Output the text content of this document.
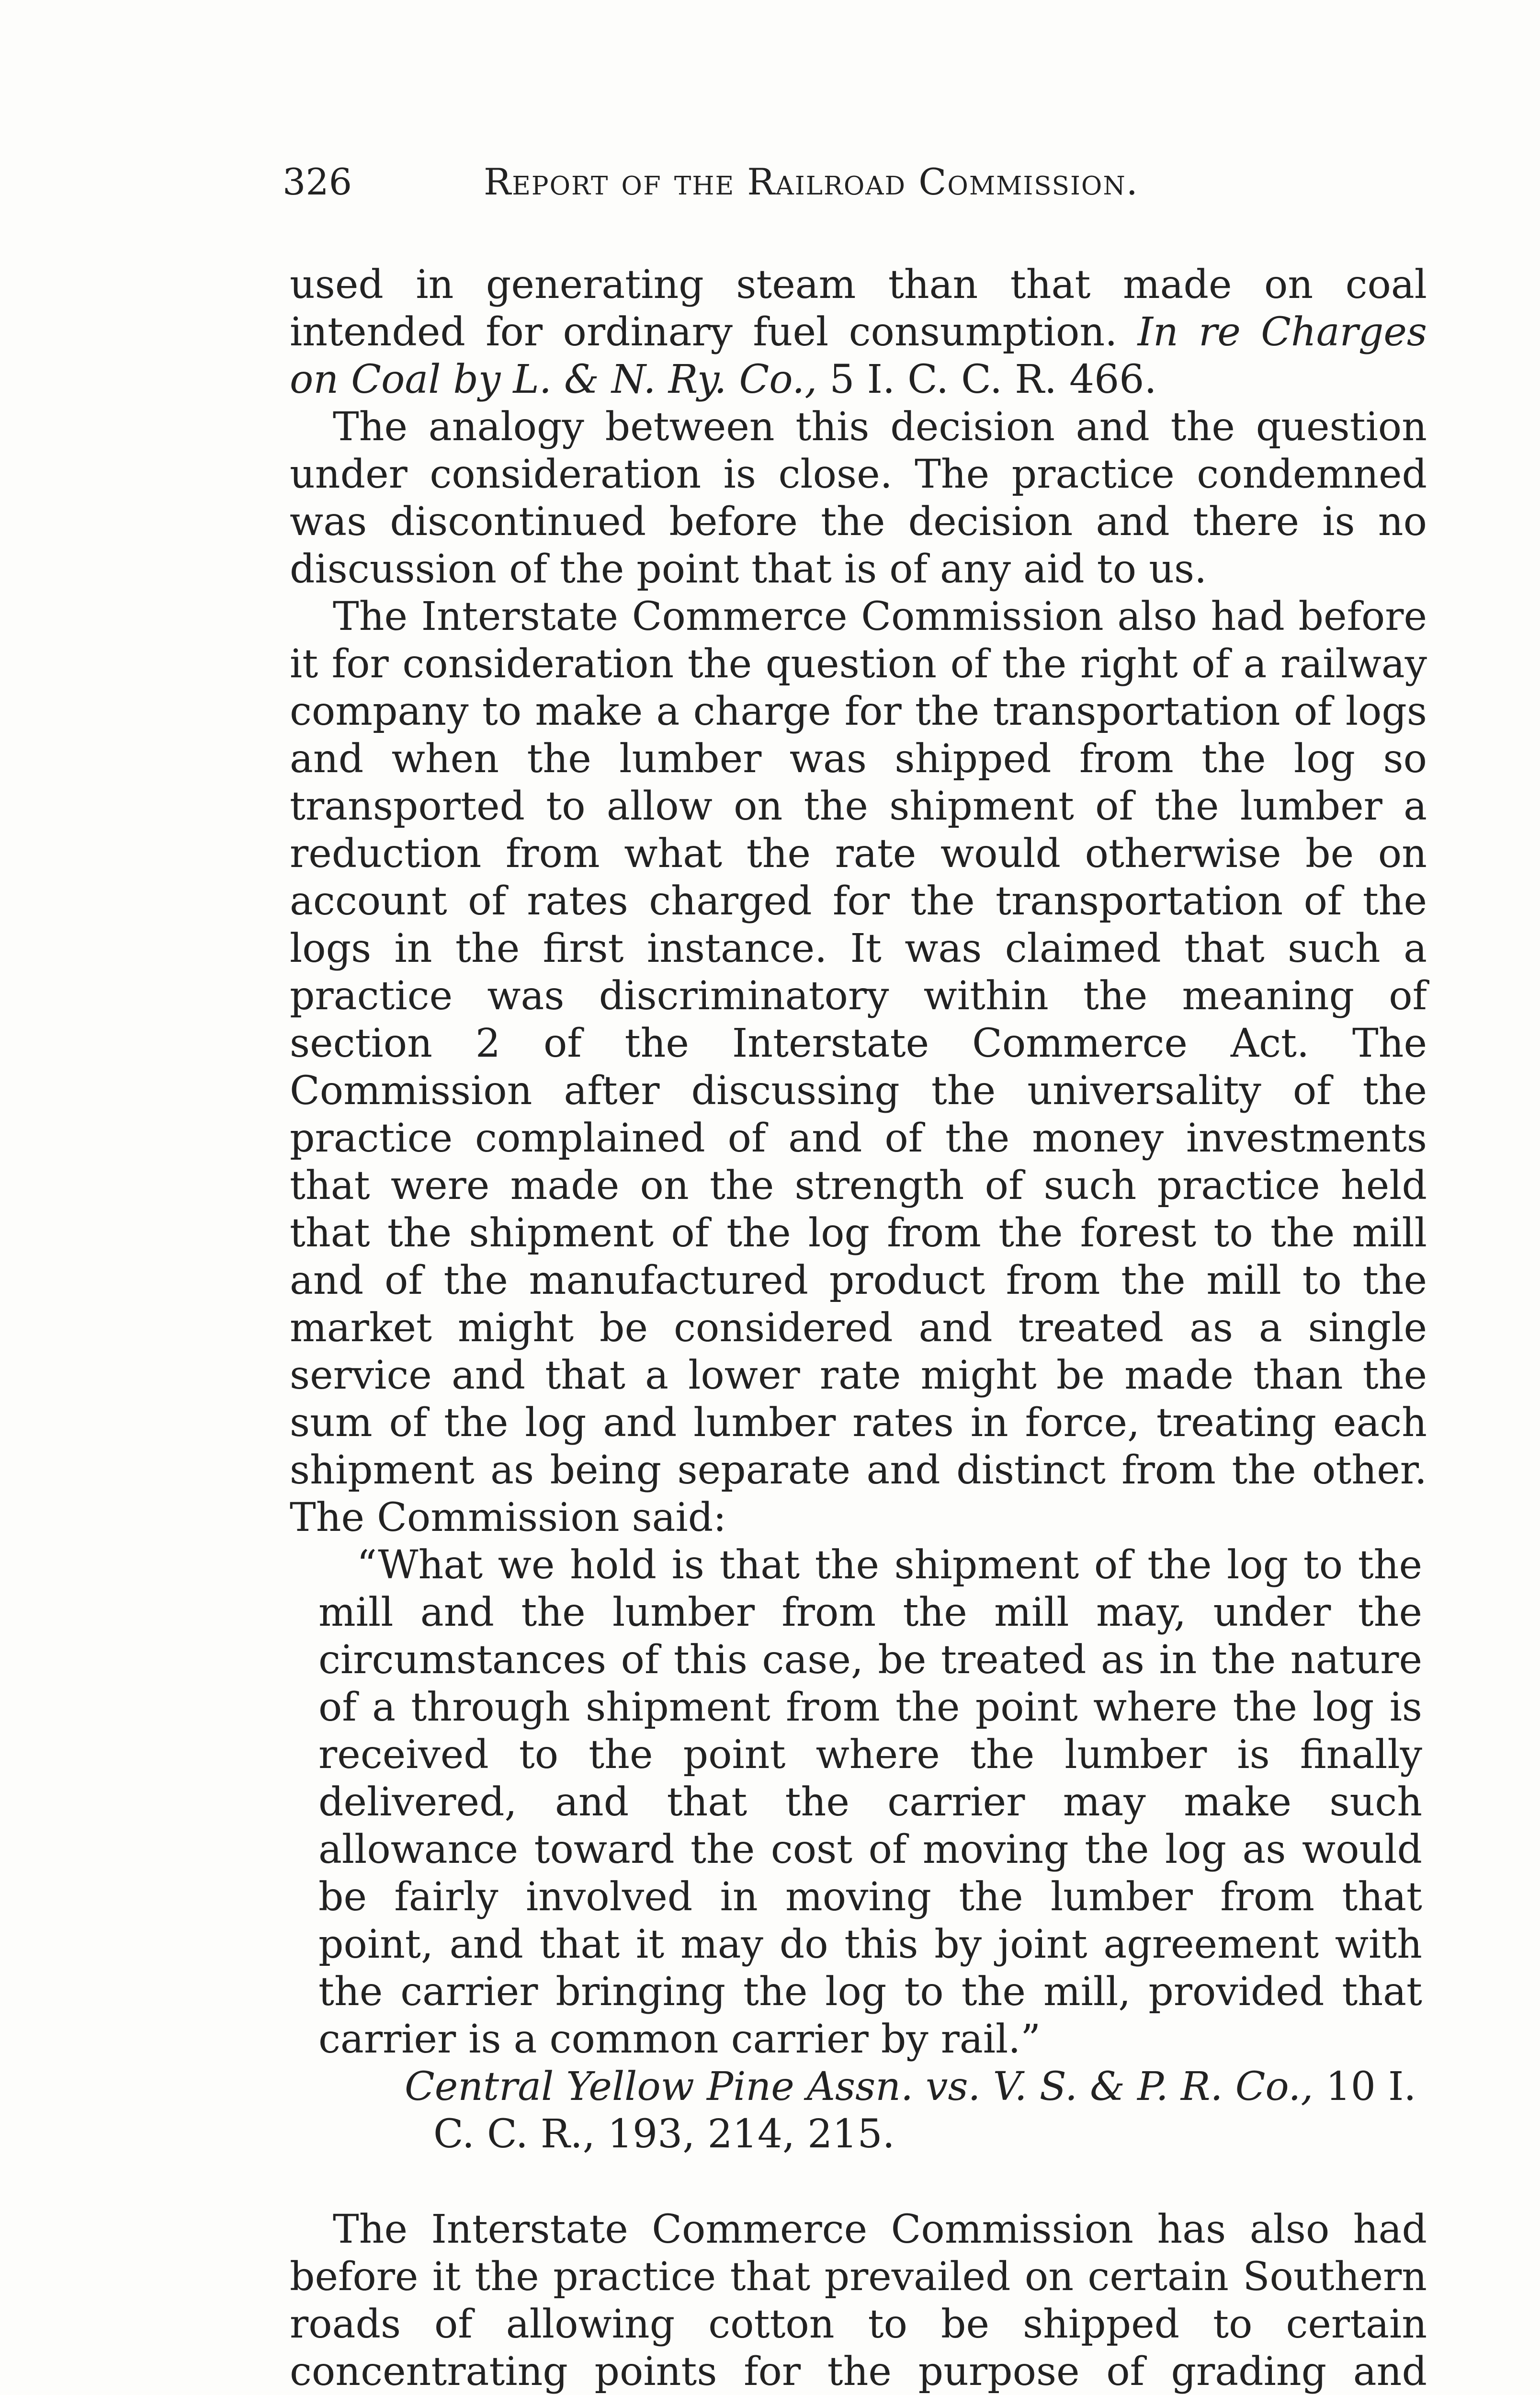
326	Report of the Railroad Commission.

used in generating steam than that made on coal intended for ordinary fuel consumption. In re Charges on Coal by L. & N. Ry. Co., 5 I. C. C. R. 466.

The analogy between this decision and the question under consideration is close. The practice condemned was discontinued before the decision and there is no discussion of the point that is of any aid to us.

The Interstate Commerce Commission also had before it for consideration the question of the right of a railway company to make a charge for the transportation of logs and when the lumber was shipped from the log so transported to allow on the shipment of the lumber a reduction from what the rate would otherwise be on account of rates charged for the transportation of the logs in the first instance. It was claimed that such a practice was discriminatory within the meaning of section 2 of the Interstate Commerce Act. The Commission after discussing the universality of the practice complained of and of the money investments that were made on the strength of such practice held that the shipment of the log from the forest to the mill and of the manufactured product from the mill to the market might be considered and treated as a single service and that a lower rate might be made than the sum of the log and lumber rates in force, treating each shipment as being separate and distinct from the other. The Commission said:

“What we hold is that the shipment of the log to the mill and the lumber from the mill may, under the circumstances of this case, be treated as in the nature of a through shipment from the point where the log is received to the point where the lumber is finally delivered, and that the carrier may make such allowance toward the cost of moving the log as would be fairly involved in moving the lumber from that point, and that it may do this by joint agreement with the carrier bringing the log to the mill, provided that carrier is a common carrier by rail.”

Central Yellow Pine Assn. vs. V. S. & P. R. Co., 10 I.
C. C. R., 193, 214, 215.

The Interstate Commerce Commission has also had before it the practice that prevailed on certain Southern roads of allowing cotton to be shipped to certain concentrating points for the purpose of grading and
